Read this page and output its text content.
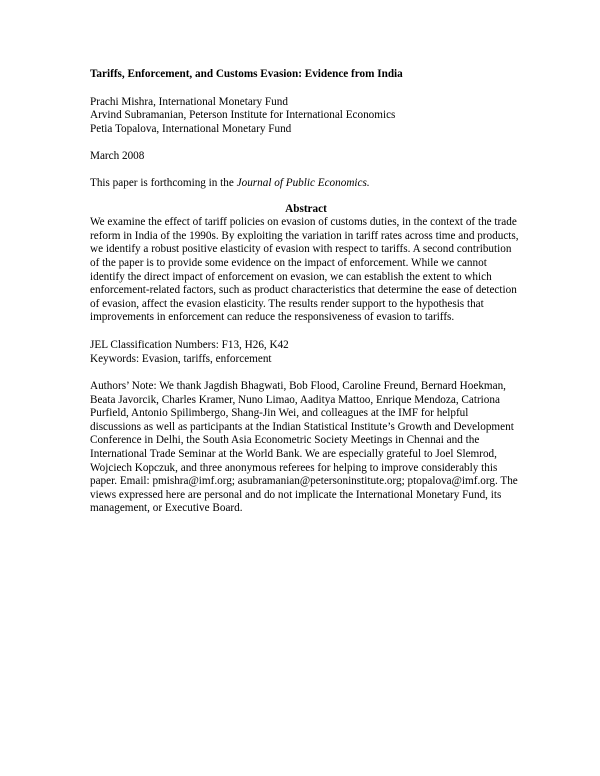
Tariffs, Enforcement, and Customs Evasion: Evidence from India

Prachi Mishra, International Monetary Fund

Arvind Subramanian, Peterson Institute for International Economics

Petia Topalova, International Monetary Fund

March 2008

This paper is forthcoming in the Journal of Public Economics.

Abstract

We examine the effect of tariff policies on evasion of customs duties, in the context of the trade reform in India of the 1990s. By exploiting the variation in tariff rates across time and products, we identify a robust positive elasticity of evasion with respect to tariffs. A second contribution of the paper is to provide some evidence on the impact of enforcement. While we cannot identify the direct impact of enforcement on evasion, we can establish the extent to which enforcement-related factors, such as product characteristics that determine the ease of detection of evasion, affect the evasion elasticity. The results render support to the hypothesis that improvements in enforcement can reduce the responsiveness of evasion to tariffs.

JEL Classification Numbers: F13, H26, K42

Keywords: Evasion, tariffs, enforcement

Authors’ Note: We thank Jagdish Bhagwati, Bob Flood, Caroline Freund, Bernard Hoekman, Beata Javorcik, Charles Kramer, Nuno Limao, Aaditya Mattoo, Enrique Mendoza, Catriona Purfield, Antonio Spilimbergo, Shang-Jin Wei, and colleagues at the IMF for helpful discussions as well as participants at the Indian Statistical Institute’s Growth and Development Conference in Delhi, the South Asia Econometric Society Meetings in Chennai and the International Trade Seminar at the World Bank. We are especially grateful to Joel Slemrod, Wojciech Kopczuk, and three anonymous referees for helping to improve considerably this paper. Email: pmishra@imf.org; asubramanian@petersoninstitute.org; ptopalova@imf.org. The views expressed here are personal and do not implicate the International Monetary Fund, its management, or Executive Board.
